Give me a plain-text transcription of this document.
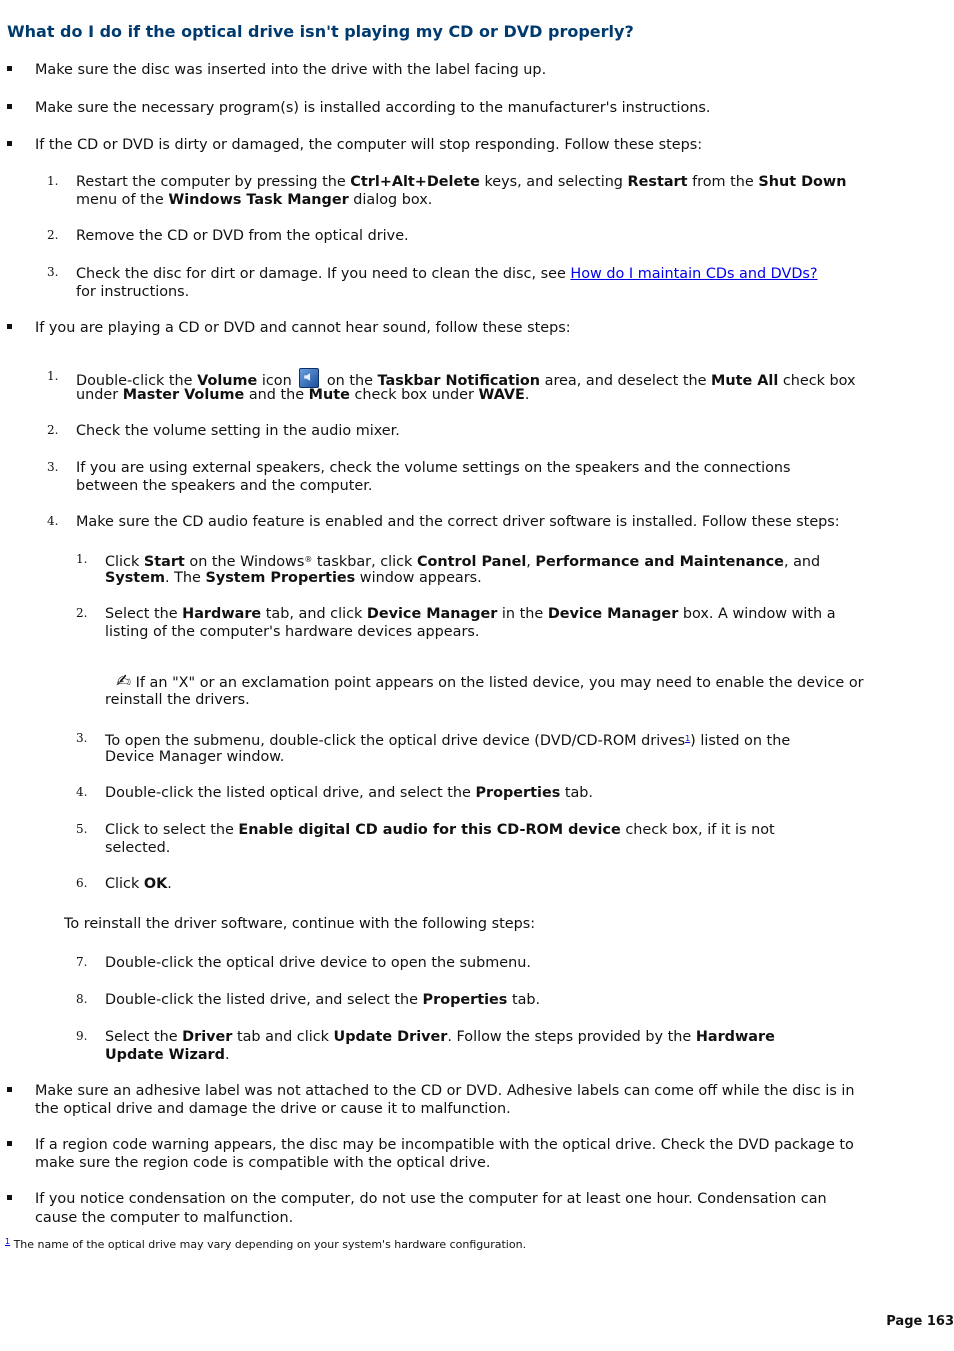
What do I do if the optical drive isn't playing my CD or DVD properly?
Make sure the disc was inserted into the drive with the label facing up.
Make sure the necessary program(s) is installed according to the manufacturer's instructions.
If the CD or DVD is dirty or damaged, the computer will stop responding. Follow these steps:
1. Restart the computer by pressing the Ctrl+Alt+Delete keys, and selecting Restart from the Shut Down
menu of the Windows Task Manger dialog box.
2. Remove the CD or DVD from the optical drive.
3. Check the disc for dirt or damage. If you need to clean the disc, see How do I maintain CDs and DVDs?
for instructions.
If you are playing a CD or DVD and cannot hear sound, follow these steps:
1. Double-click the Volume icon  on the Taskbar Notification area, and deselect the Mute All check box
under Master Volume and the Mute check box under WAVE.
2. Check the volume setting in the audio mixer.
3. If you are using external speakers, check the volume settings on the speakers and the connections
between the speakers and the computer.
4. Make sure the CD audio feature is enabled and the correct driver software is installed. Follow these steps:
1. Click Start on the Windows® taskbar, click Control Panel, Performance and Maintenance, and
System. The System Properties window appears.
2. Select the Hardware tab, and click Device Manager in the Device Manager box. A window with a
listing of the computer's hardware devices appears.
✍ If an "X" or an exclamation point appears on the listed device, you may need to enable the device or
reinstall the drivers.
3. To open the submenu, double-click the optical drive device (DVD/CD-ROM drives$^1$) listed on the
Device Manager window.
4. Double-click the listed optical drive, and select the Properties tab.
5. Click to select the Enable digital CD audio for this CD-ROM device check box, if it is not
selected.
6. Click OK.
To reinstall the driver software, continue with the following steps:
7. Double-click the optical drive device to open the submenu.
8. Double-click the listed drive, and select the Properties tab.
9. Select the Driver tab and click Update Driver. Follow the steps provided by the Hardware
Update Wizard.
Make sure an adhesive label was not attached to the CD or DVD. Adhesive labels can come off while the disc is in
the optical drive and damage the drive or cause it to malfunction.
If a region code warning appears, the disc may be incompatible with the optical drive. Check the DVD package to
make sure the region code is compatible with the optical drive.
If you notice condensation on the computer, do not use the computer for at least one hour. Condensation can
cause the computer to malfunction.
$^1$ The name of the optical drive may vary depending on your system's hardware configuration.
Page 163
